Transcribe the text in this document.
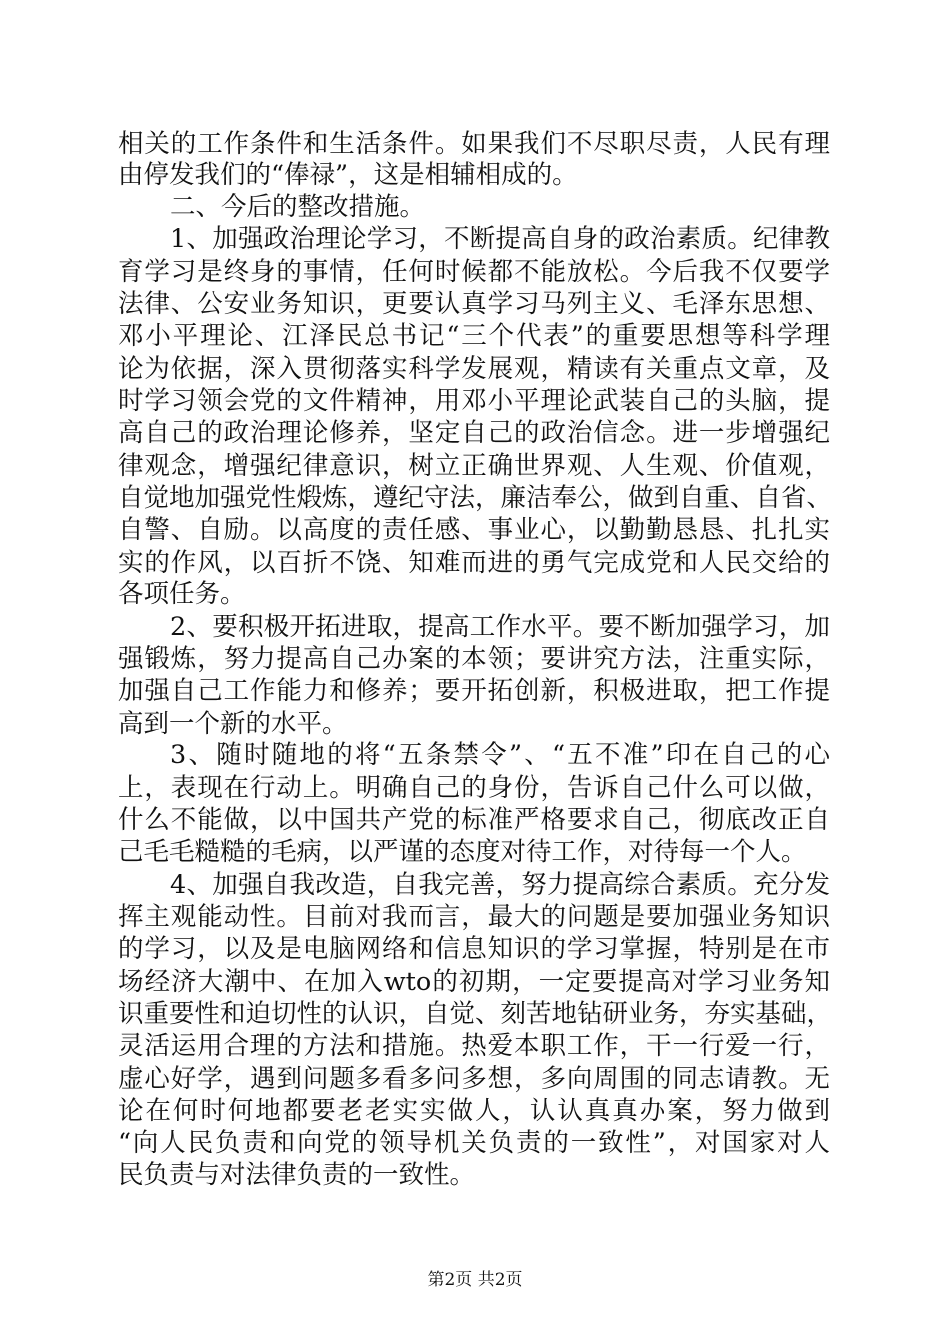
相关的工作条件和生活条件。如果我们不尽职尽责，人民有理
由停发我们的“俸禄”，这是相辅相成的。
二、今后的整改措施。
1、加强政治理论学习，不断提高自身的政治素质。纪律教
育学习是终身的事情，任何时候都不能放松。今后我不仅要学
法律、公安业务知识，更要认真学习马列主义、毛泽东思想、
邓小平理论、江泽民总书记“三个代表”的重要思想等科学理
论为依据，深入贯彻落实科学发展观，精读有关重点文章，及
时学习领会党的文件精神，用邓小平理论武装自己的头脑，提
高自己的政治理论修养，坚定自己的政治信念。进一步增强纪
律观念，增强纪律意识，树立正确世界观、人生观、价值观，
自觉地加强党性煅炼，遵纪守法，廉洁奉公，做到自重、自省、
自警、自励。以高度的责任感、事业心，以勤勤恳恳、扎扎实
实的作风，以百折不饶、知难而进的勇气完成党和人民交给的
各项任务。
2、要积极开拓进取，提高工作水平。要不断加强学习，加
强锻炼，努力提高自己办案的本领；要讲究方法，注重实际，
加强自己工作能力和修养；要开拓创新，积极进取，把工作提
高到一个新的水平。
3、随时随地的将“五条禁令”、“五不准”印在自己的心
上，表现在行动上。明确自己的身份，告诉自己什么可以做，
什么不能做，以中国共产党的标准严格要求自己，彻底改正自
己毛毛糙糙的毛病，以严谨的态度对待工作，对待每一个人。
4、加强自我改造，自我完善，努力提高综合素质。充分发
挥主观能动性。目前对我而言，最大的问题是要加强业务知识
的学习，以及是电脑网络和信息知识的学习掌握，特别是在市
场经济大潮中、在加入wto的初期，一定要提高对学习业务知
识重要性和迫切性的认识，自觉、刻苦地钻研业务，夯实基础，
灵活运用合理的方法和措施。热爱本职工作，干一行爱一行，
虚心好学，遇到问题多看多问多想，多向周围的同志请教。无
论在何时何地都要老老实实做人，认认真真办案，努力做到
“向人民负责和向党的领导机关负责的一致性”，对国家对人
民负责与对法律负责的一致性。
第2页 共2页
